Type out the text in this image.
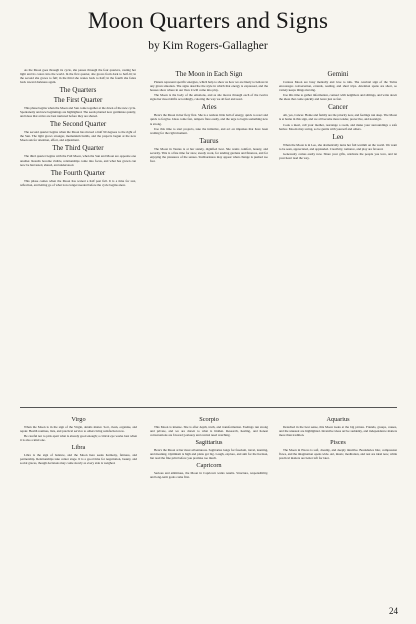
Moon Quarters and Signs

by Kim Rogers-Gallagher

As the Moon goes through its cycle, she passes through the four quarters, casting her light and its colors into the world. In the first quarter, she grows from dark to half-lit; in the second she grows to full; in the third she wanes back to half; in the fourth she fades back toward darkness again.

The Quarters
The First Quarter

This phase begins when the Moon and Sun come together at the dawn of the new cycle. Spontaneity and new beginnings are highlighted. The seeds planted now germinate quietly, and ideas that arrive are best nurtured before they are shared.

The Second Quarter

The second quarter begins when the Moon has moved a half 90 degrees to the right of the Sun. The light grows stronger, momentum builds, and the projects begun at the new Moon ask for attention, effort, and adjustment.

The Third Quarter

The third quarter begins with the Full Moon, when the Sun and Moon are opposite one another. Results become visible, relationships come into focus, and what has grown can now be harvested, shared, and understood.

The Fourth Quarter

This phase comes when the Moon has waned a half past full. It is a time for rest, reflection, and letting go of what is no longer needed before the cycle begins anew.

The Moon in Each Sign

Planets represent specific energies, which help to show us how we are likely to behave in any given situation. The signs describe the style in which that energy is expressed, and the houses show where in our lives it will come into play.

The Moon is the body of the emotions, and as she moves through each of the twelve signs her mood shifts accordingly, coloring the way we all feel and react.

Aries

Here's the Moon in her fiery first. She is a restless little ball of energy, quick to react and quick to forgive. Ideas come fast, tempers flare easily, and the urge to begin something new is strong.

Use this time to start projects, take the initiative, and act on impulses that have been waiting for the right moment.

Taurus

The Moon in Taurus is at her stately, dignified best. She wants comfort, beauty, and security. This is a fine time for slow, steady work, for tending gardens and finances, and for enjoying the pleasures of the senses. Stubbornness may appear when change is pushed too fast.

Gemini

Curious Moon are busy mentally and love to talk. The cerebral sign of the Twins encourages conversation, errands, reading, and short trips. Attention spans are short, so variety keeps things moving.

Use this time to gather information, connect with neighbors and siblings, and write down the ideas that come quickly and leave just as fast.

Cancer

Ah, yes, Cancer. Home and family are the priority now, and feelings run deep. The Moon is at home in this sign, and we all become more tender, protective, and nostalgic.

Cook a meal, call your mother, rearrange a room, and make your surroundings a safe harbor. Moods may swing, so be gentle with yourself and others.

Leo

When the Moon is in Leo, she dramatically turns her full warmth on the world. We want to be seen, appreciated, and applauded. Creativity, romance, and play are favored.

Generosity comes easily now. Share your gifts, celebrate the people you love, and let your heart lead the way.

Virgo

When the Moon is in the sign of the Virgin, details matter. Sort, clean, organize, and repair. Health routines, lists, and practical service to others bring satisfaction now.

Be careful not to pick apart what is already good enough; a critical eye works best when it is also a kind one.

Libra

Libra is the sign of balance, and the Moon here seeks harmony, fairness, and partnership. Relationships take center stage. It is a good time for negotiation, beauty, and social graces, though decisions may come slowly as every side is weighed.

Scorpio

This Moon is intense. She is after depth, truth, and transformation. Feelings run strong and private, and we are drawn to what is hidden. Research, healing, and honest conversations are favored; jealousy and control need watching.

Sagittarius

Here's the Moon at her most adventurous. Sagittarius longs for freedom, travel, learning, and meaning. Optimism is high and plans get big. Laugh, explore, and aim for the horizon, but read the fine print before you promise too much.

Capricorn

Serious and ambitious, the Moon in Capricorn wants results. Structure, responsibility, and long-term goals come first.

Aquarius

Detached in the best sense, this Moon looks at the big picture. Friends, groups, causes, and the unusual are highlighted. Inventive ideas arrive suddenly, and independence matters more than tradition.

Pisces

The Moon in Pisces is soft, dreamy, and deeply intuitive. Boundaries blur, compassion flows, and the imagination opens wide. Art, music, meditation, and rest are ideal now, while practical matters are better left for later.

24
